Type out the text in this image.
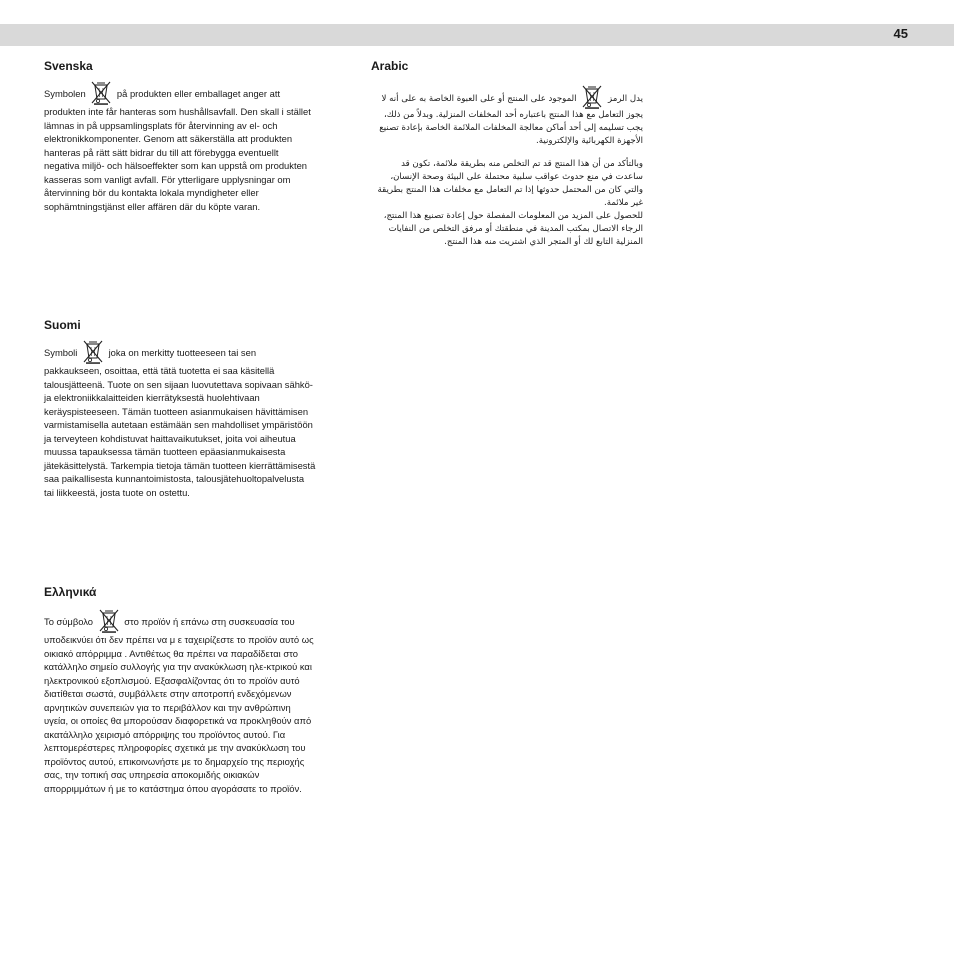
45
Svenska

Symbolen	på produkten eller emballaget anger att produkten inte får hanteras som hushållsavfall. Den skall i stället lämnas in på uppsamlingsplats för återvinning av el- och elektronikkomponenter. Genom att säkerställa att produkten hanteras på rätt sätt bidrar du till att förebygga eventuellt negativa miljö- och hälsoeffekter som kan uppstå om produkten kasseras som vanligt avfall. För ytterligare upplysningar om återvinning bör du kontakta lokala myndigheter eller sophämtningstjänst eller affären där du köpte varan.

Suomi

Symboli	joka on merkitty tuotteeseen tai sen pakkaukseen, osoittaa, että tätä tuotetta ei saa käsitellä talousjätteenä. Tuote on sen sijaan luovutettava sopivaan sähkö- ja elektroniikkalaitteiden kierrätyksestä huolehtivaan keräyspisteeseen. Tämän tuotteen asianmukaisen hävittämisen varmistamisella autetaan estämään sen mahdolliset ympäristöön ja terveyteen kohdistuvat haittavaikutukset, joita voi aiheutua muussa tapauksessa tämän tuotteen epäasianmukaisesta jätekäsittelystä. Tarkempia tietoja tämän tuotteen kierrättämisestä saa paikallisesta kunnantoimistosta, talousjätehuoltopalvelusta tai liikkeestä, josta tuote on ostettu.

Ελληνικά

Το σύμβολο	στο προϊόν ή επάνω στη συσκευασία του υποδεικνύει ότι δεν πρέπει να μ ε ταχειρίζεστε το προϊόν αυτό ως οικιακό απόρριμμα . Αντιθέτως θα πρέπει να παραδίδεται στο κατάλληλο σημείο συλλογής για την ανακύκλωση ηλε-κτρικού και ηλεκτρονικού εξοπλισμού. Εξασφαλίζοντας ότι το προϊόν αυτό διατίθεται σωστά, συμβάλλετε στην αποτροπή ενδεχόμενων αρνητικών συνεπειών για το περιβάλλον και την ανθρώπινη υγεία, οι οποίες θα μπορούσαν διαφορετικά να προκληθούν από ακατάλληλο χειρισμό απόρριψης του προϊόντος αυτού. Για λεπτομερέστερες πληροφορίες σχετικά με την ανακύκλωση του προϊόντος αυτού, επικοινωνήστε με το δημαρχείο της περιοχής σας, την τοπική σας υπηρεσία αποκομιδής οικιακών απορριμμάτων ή με το κατάστημα όπου αγοράσατε το προϊόν.

Arabic

يدل الرمز  الموجود على المنتج أو على العبوة الخاصة به على أنه لا يجوز التعامل مع هذا المنتج باعتباره أحد المخلفات المنزلية. وبدلاً من ذلك، يجب تسليمه إلى أحد أماكن معالجة المخلفات الملائمة الخاصة بإعادة تصنيع الأجهزة الكهربائية والإلكترونية.

وبالتأكد من أن هذا المنتج قد تم التخلص منه بطريقة ملائمة، تكون قد ساعدت في منع حدوث عواقب سلبية محتملة على البيئة وصحة الإنسان، والتي كان من المحتمل حدوثها إذا تم التعامل مع مخلفات هذا المنتج بطريقة غير ملائمة.

للحصول على المزيد من المعلومات المفصلة حول إعادة تصنيع هذا المنتج، الرجاء الاتصال بمكتب المدينة في منطقتك أو مرفق التخلص من النفايات المنزلية التابع لك أو المتجر الذي اشتريت منه هذا المنتج.
